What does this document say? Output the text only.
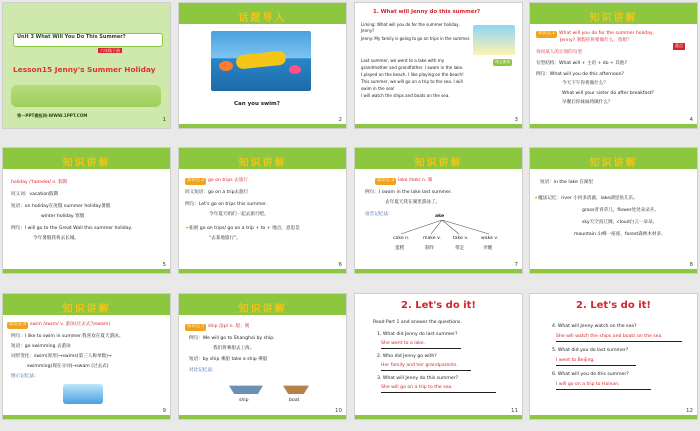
Unit 3 What Will You Do This Summer?
六年级下册
Lesson15 Jenny's Summer Holiday
第一PPT模板网-WWW.1PPT.COM
1
话题导入
Can you swim?
2
1. What will Jenny do this summer?
Liming: What will you do for the summer holiday,
Jenny?
Jenny: My family is going to go on trips in the summer.
Last summer, we went to a lake with my
grandmother and grandfather. I swam in the lake.
I played on the beach. I like playing on the beach!
This summer, we will go on a trip to the sea. I will
swim in the sea!
I will watch the ships and boats on the sea.
课文朗读
3
知识讲解
知识点 1 What will you do for the summer holiday,
Jenny? 暑假你将要做什么，詹妮？
重点
询问某人的计划的句型
句型结构：What will + 主语 + do + 其他?
例句：What will you do this afternoon?
今天下午你将做什么？
What will your sister do after breakfast?
早餐后你妹妹将做什么？
4
知识讲解
holiday /ˈhɒlədeɪ/ n. 假期
同义词：vacation假期
短语：on holiday在度假 summer holiday暑假
winter holiday 寒假
例句：I will go to the Great Wall this summer holiday.
今年暑假我将去长城。
5
知识讲解
知识点 2 go on trips 去旅行
同义短语：go on a trip去旅行
例句：Let's go on trips this summer.
今年夏天咱们一起去旅行吧。
★拓展 go on trips/ go on a trip + to + 地点，意思是
"去某地旅行"。
6
知识讲解
知识点 3 lake /leɪk/ n. 湖
例句：I swam in the lake last summer.
去年夏天我在湖里游泳了。
语音记忆法：	ake
cake n.	make v.	take v.	wake v.
蛋糕	制作	带走	弄醒
7
知识讲解
短语：in the lake 在湖里
★魔法记忆：river 小河多清澈，lake湖里鱼儿乐。
grass青青草儿，flower处处朵朵开。
sky天空真辽阔，cloud白云一朵朵。
mountain 山峰一座座，forest森林木材多。
8
知识讲解
知识点 4 swim /swɪm/ v. 游泳(过去式为swam)
例句：I like to swim in summer.我喜欢在夏天游泳。
短语：go swimming 去游泳
词形变化：swim(原形)→swims(第三人称单数)→
swimming(现在分词)→swam (过去式)
图示记忆法：
9
知识讲解
知识点 5 ship /ʃɪp/ n. 船；舰
例句：We will go to Shanghai by ship.
我们将乘船去上海。
短语：by ship 乘船 take a ship 乘船
对比记忆法：
ship	boat
10
2. Let's do it!
Read Part 1 and answer the questions.
1. What did Jenny do last summer?
She went to a lake.
2. Who did Jenny go with?
Her family and her grandparents.
3. What will Jenny do this summer?
She will go on a trip to the sea.
11
2. Let's do it!
4. What will Jenny watch on the sea?
She will watch the ships and boats on the sea.
5. What did you do last summer?
I went to Beijing.
6. What will you do this summer?
I will go on a trip to Hainan.
12
